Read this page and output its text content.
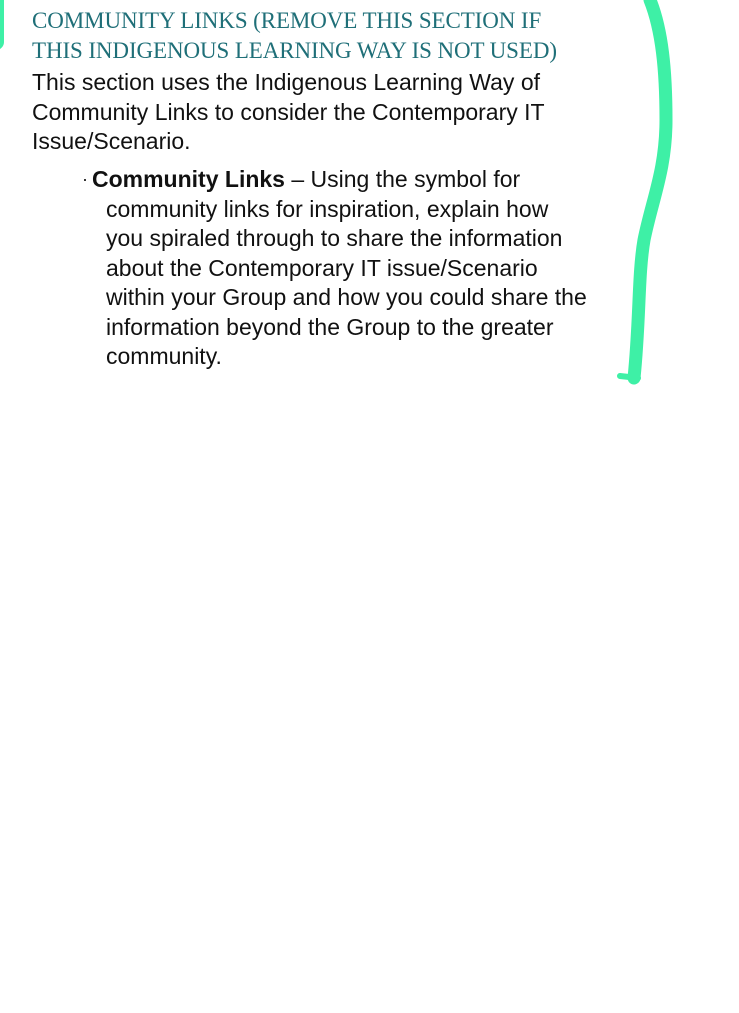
COMMUNITY LINKS (REMOVE THIS SECTION IF
THIS INDIGENOUS LEARNING WAY IS NOT USED)

This section uses the Indigenous Learning Way of
Community Links to consider the Contemporary IT
Issue/Scenario.

· Community Links – Using the symbol for
community links for inspiration, explain how
you spiraled through to share the information
about the Contemporary IT issue/Scenario
within your Group and how you could share the
information beyond the Group to the greater
community.
